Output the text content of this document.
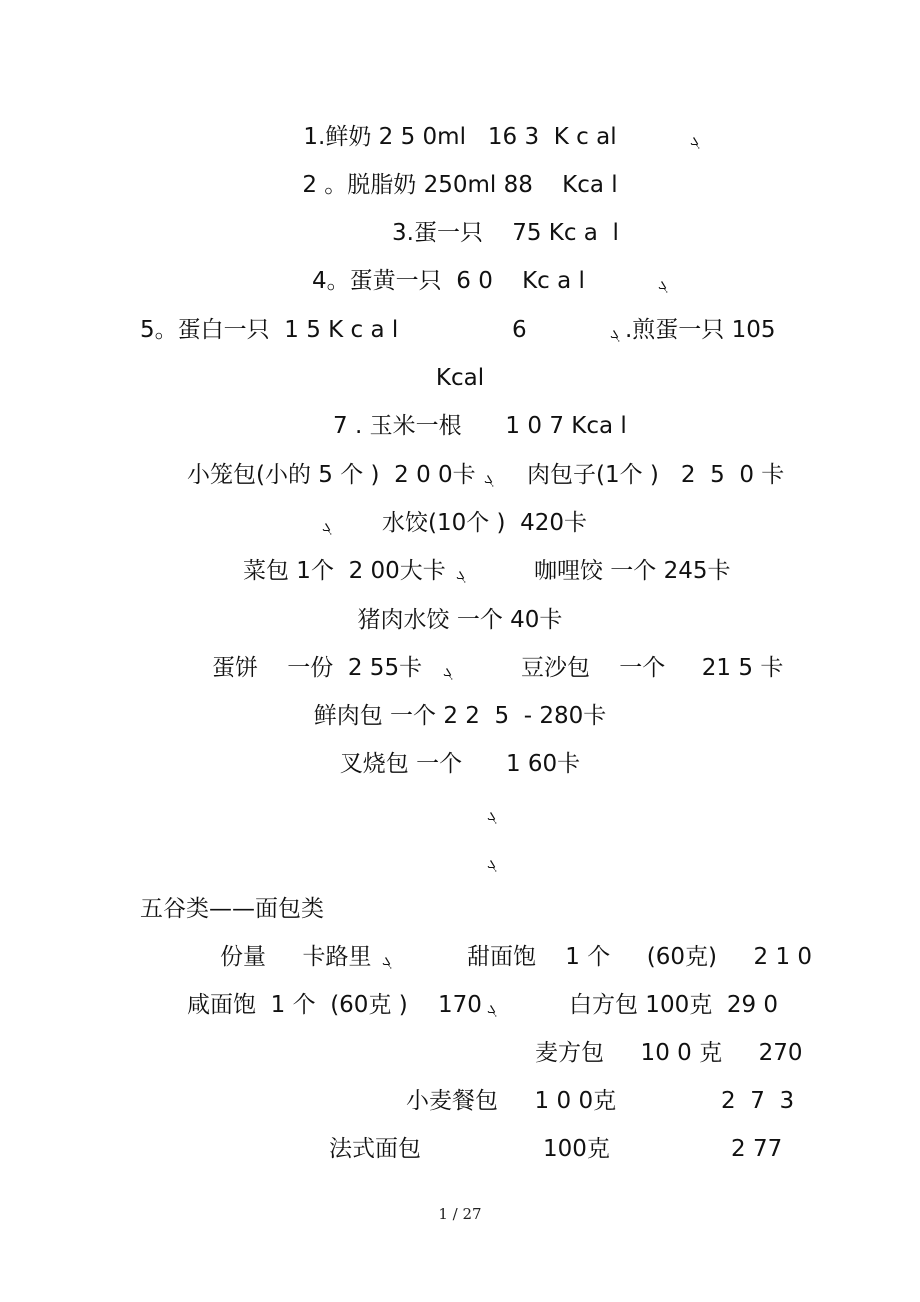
1.鲜奶 2 5 0ml   16 3  K c al	ܓ
2 。脱脂奶 250ml 88    Kca l
3.蛋一只    75 Kc a  l
4。蛋黄一只  6 0    Kc a l	ܓ
5。蛋白一只  1 5 K c a l	6	ܓ .煎蛋一只 105
Kcal
7 . 玉米一根      1 0 7 Kca l
小笼包(小的 5 个 )  2 0 0卡 ܓ 肉包子(1个 )   2  5  0 卡
ܓ 水饺(10个 )  420卡
菜包 1个  2 00大卡 ܓ	咖哩饺 一个 245卡
猪肉水饺 一个 40卡
蛋饼    一份  2 55卡 ܓ	豆沙包    一个     21 5 卡
鲜肉包 一个 2 2  5  - 280卡
叉烧包 一个      1 60卡
ܓ
ܓ
五谷类——面包类
份量     卡路里 ܓ	甜面饱    1 个     (60克)     2 1 0
咸面饱  1 个  (60克 ) 170 ܓ	白方包 100克  29 0
麦方包     10 0 克     270
小麦餐包     1 0 0克	2  7  3
法式面包	100克	2 77
1 / 27
